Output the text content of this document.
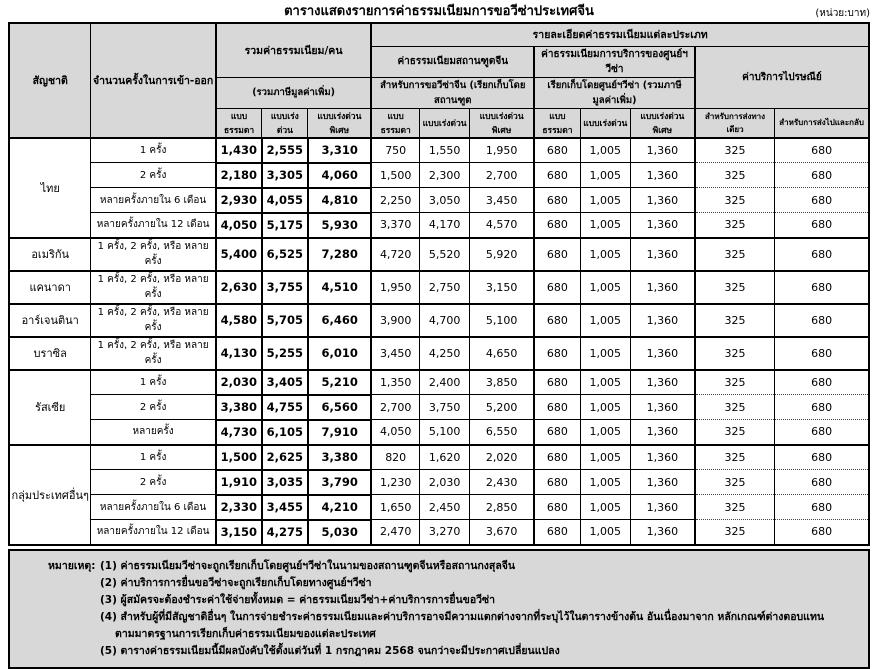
ตารางแสดงรายการค่าธรรมเนียมการขอวีซ่าประเทศจีน	(หน่วย:บาท)
สัญชาติ	จำนวนครั้งในการเข้า-ออก	รวมค่าธรรมเนียม/คน			รายละเอียดค่าธรรมเนียมแต่ละประเภท							
					ค่าธรรมเนียมสถานฑูตจีน			ค่าธรรมเนียมการบริการของศูนย์ฯวีซ่า			ค่าบริการไปรษณีย์	
		(รวมภาษีมูลค่าเพิ่ม)			สำหรับการขอวีซ่าจีน (เรียกเก็บโดยสถานฑูต			เรียกเก็บโดยศูนย์ฯวีซ่า (รวมภาษีมูลค่าเพิ่ม)				
		แบบธรรมดา	แบบเร่งด่วน	แบบเร่งด่วนพิเศษ	แบบธรรมดา	แบบเร่งด่วน	แบบเร่งด่วนพิเศษ	แบบธรรมดา	แบบเร่งด่วน	แบบเร่งด่วนพิเศษ	สำหรับการส่งทางเดียว	สำหรับการส่งไปและกลับ
ไทย	1 ครั้ง	1,430	2,555	3,310	750	1,550	1,950	680	1,005	1,360	325	680
	2 ครั้ง	2,180	3,305	4,060	1,500	2,300	2,700	680	1,005	1,360	325	680
	หลายครั้งภายใน 6 เดือน	2,930	4,055	4,810	2,250	3,050	3,450	680	1,005	1,360	325	680
	หลายครั้งภายใน 12 เดือน	4,050	5,175	5,930	3,370	4,170	4,570	680	1,005	1,360	325	680
อเมริกัน	1 ครั้ง, 2 ครั้ง, หรือ หลายครั้ง	5,400	6,525	7,280	4,720	5,520	5,920	680	1,005	1,360	325	680
แคนาดา	1 ครั้ง, 2 ครั้ง, หรือ หลายครั้ง	2,630	3,755	4,510	1,950	2,750	3,150	680	1,005	1,360	325	680
อาร์เจนตินา	1 ครั้ง, 2 ครั้ง, หรือ หลายครั้ง	4,580	5,705	6,460	3,900	4,700	5,100	680	1,005	1,360	325	680
บราซิล	1 ครั้ง, 2 ครั้ง, หรือ หลายครั้ง	4,130	5,255	6,010	3,450	4,250	4,650	680	1,005	1,360	325	680
รัสเซีย	1 ครั้ง	2,030	3,405	5,210	1,350	2,400	3,850	680	1,005	1,360	325	680
	2 ครั้ง	3,380	4,755	6,560	2,700	3,750	5,200	680	1,005	1,360	325	680
	หลายครั้ง	4,730	6,105	7,910	4,050	5,100	6,550	680	1,005	1,360	325	680
กลุ่มประเทศอื่นๆ	1 ครั้ง	1,500	2,625	3,380	820	1,620	2,020	680	1,005	1,360	325	680
	2 ครั้ง	1,910	3,035	3,790	1,230	2,030	2,430	680	1,005	1,360	325	680
	หลายครั้งภายใน 6 เดือน	2,330	3,455	4,210	1,650	2,450	2,850	680	1,005	1,360	325	680
	หลายครั้งภายใน 12 เดือน	3,150	4,275	5,030	2,470	3,270	3,670	680	1,005	1,360	325	680
หมายเหตุ: (1) ค่าธรรมเนียมวีซ่าจะถูกเรียกเก็บโดยศูนย์ฯวีซ่าในนามของสถานฑูตจีนหรือสถานกงสุลจีน
(2) ค่าบริการการยื่นขอวีซ่าจะถูกเรียกเก็บโดยทางศูนย์ฯวีซ่า
(3) ผู้สมัครจะต้องชำระค่าใช้จ่ายทั้งหมด = ค่าธรรมเนียมวีซ่า+ค่าบริการการยื่นขอวีซ่า
(4) สำหรับผู้ที่มีสัญชาติอื่นๆ ในการจ่ายชำระค่าธรรมเนียมและค่าบริการอาจมีความแตกต่างจากที่ระบุไว้ในตารางข้างต้น อันเนื่องมาจาก หลักเกณฑ์ต่างตอบแทน
ตามมาตรฐานการเรียกเก็บค่าธรรมเนียมของแต่ละประเทศ
(5) ตารางค่าธรรมเนียมนี้มีผลบังคับใช้ตั้งแต่วันที่ 1 กรกฎาคม 2568 จนกว่าจะมีประกาศเปลี่ยนแปลง
